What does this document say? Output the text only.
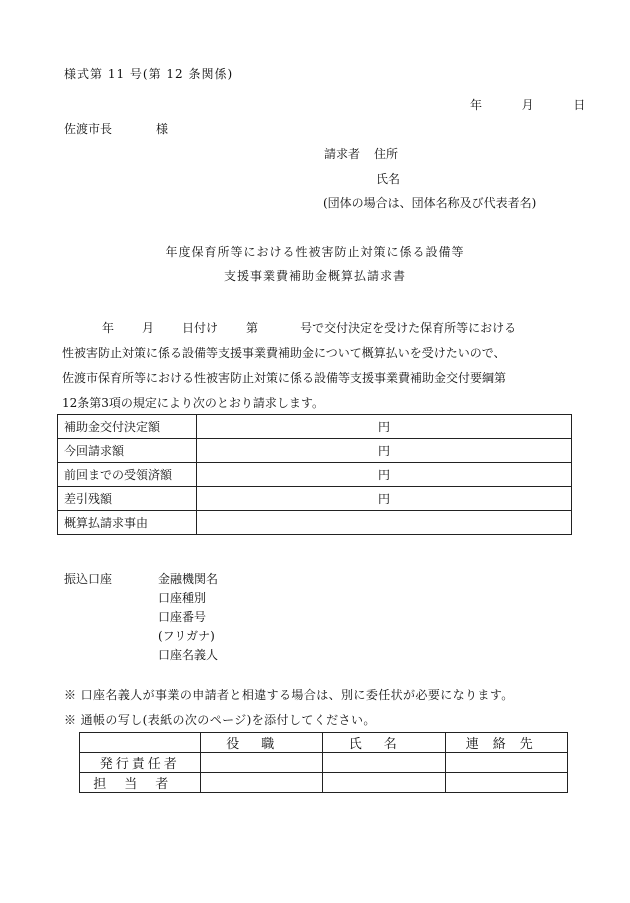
様式第 11 号(第 12 条関係)
年	月	日
佐渡市長	様
請求者 住所
氏名
(団体の場合は、団体名称及び代表者名)
年度保育所等における性被害防止対策に係る設備等
支援事業費補助金概算払請求書
年 月 日付け 第	号で交付決定を受けた保育所等における
性被害防止対策に係る設備等支援事業費補助金について概算払いを受けたいので、
佐渡市保育所等における性被害防止対策に係る設備等支援事業費補助金交付要綱第
12条第3項の規定により次のとおり請求します。
補助金交付決定額	円
今回請求額	円
前回までの受領済額	円
差引残額	円
概算払請求事由	
振込口座	金融機関名
口座種別
口座番号
(フリガナ)
口座名義人
※ 口座名義人が事業の申請者と相違する場合は、別に委任状が必要になります。
※ 通帳の写し(表紙の次のページ)を添付してください。
	役職	氏名	連絡先
発行責任者			
担当者			
